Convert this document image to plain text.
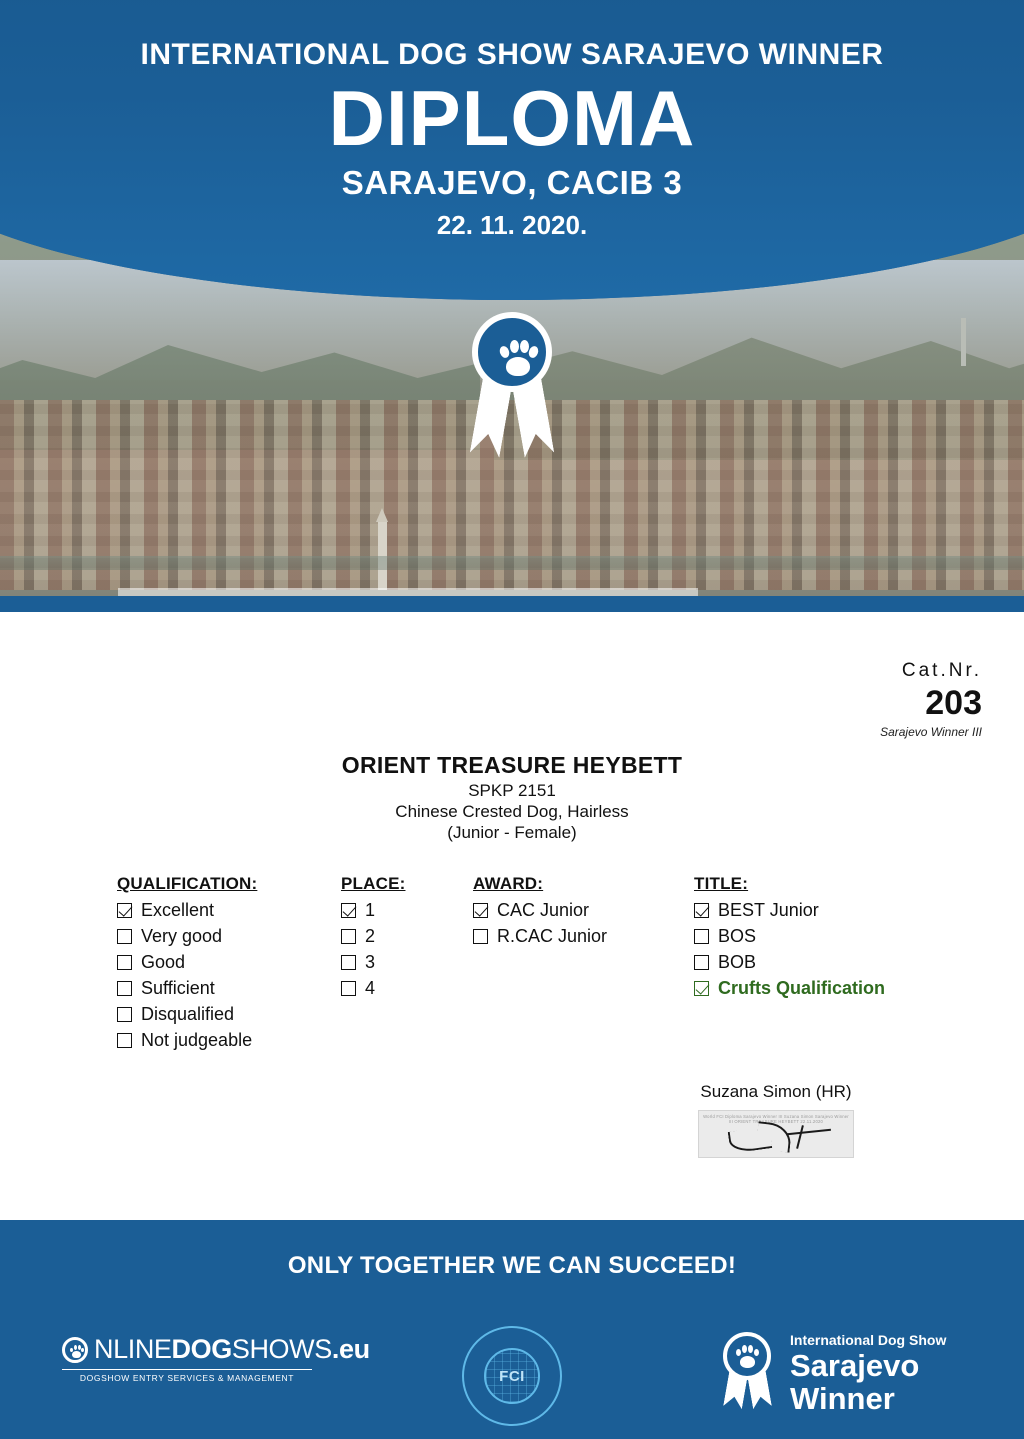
INTERNATIONAL DOG SHOW SARAJEVO WINNER
DIPLOMA
SARAJEVO, CACIB 3
22. 11. 2020.
Cat.Nr.
203
Sarajevo Winner III
ORIENT TREASURE HEYBETT
SPKP 2151
Chinese Crested Dog, Hairless
(Junior - Female)
QUALIFICATION:
Excellent
Very good
Good
Sufficient
Disqualified
Not judgeable
PLACE:
1
2
3
4
AWARD:
CAC Junior
R.CAC Junior
TITLE:
BEST Junior
BOS
BOB
Crufts Qualification
Suzana Simon (HR)
World FCI Diploma Sarajevo Winner III Suzana Simon Sarajevo Winner III ORIENT TREASURE HEYBETT 22.11.2020
ONLY TOGETHER WE CAN SUCCEED!
NLINEDOGSHOWS.eu
DOGSHOW ENTRY SERVICES & MANAGEMENT	FCI
International Dog Show
Sarajevo
Winner
